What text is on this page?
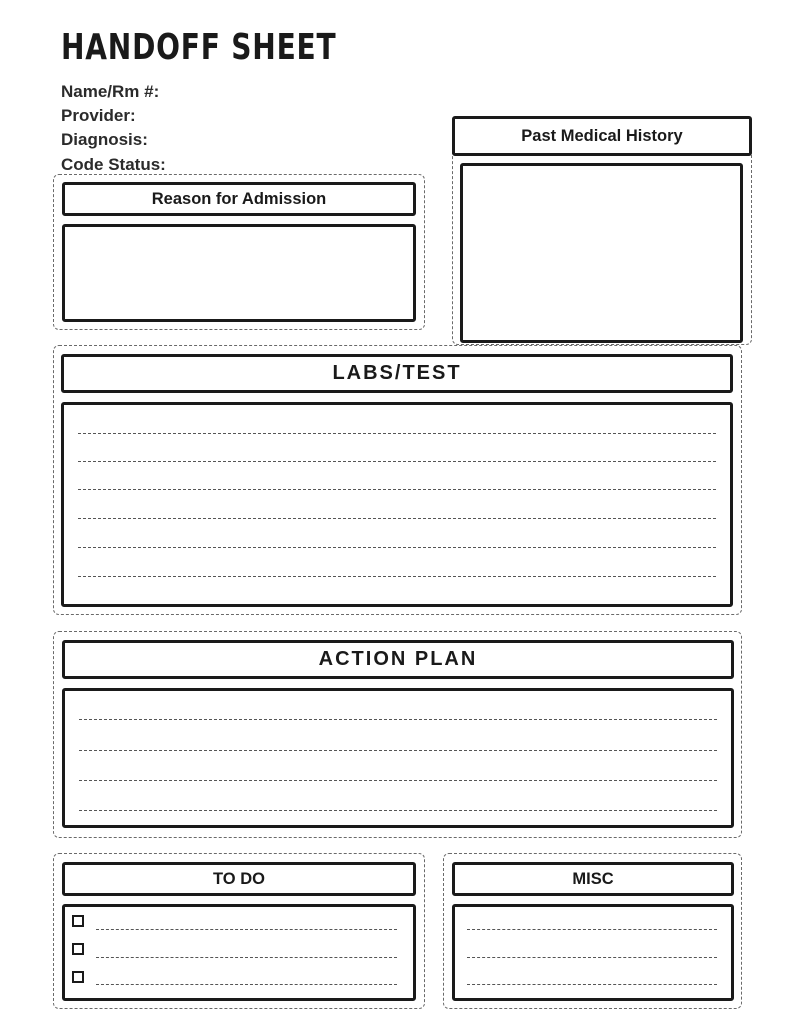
HANDOFF SHEET
Name/Rm #:
Provider:
Diagnosis:
Code Status:
Reason for Admission
Past Medical History
LABS/TEST
ACTION PLAN
TO DO	MISC
